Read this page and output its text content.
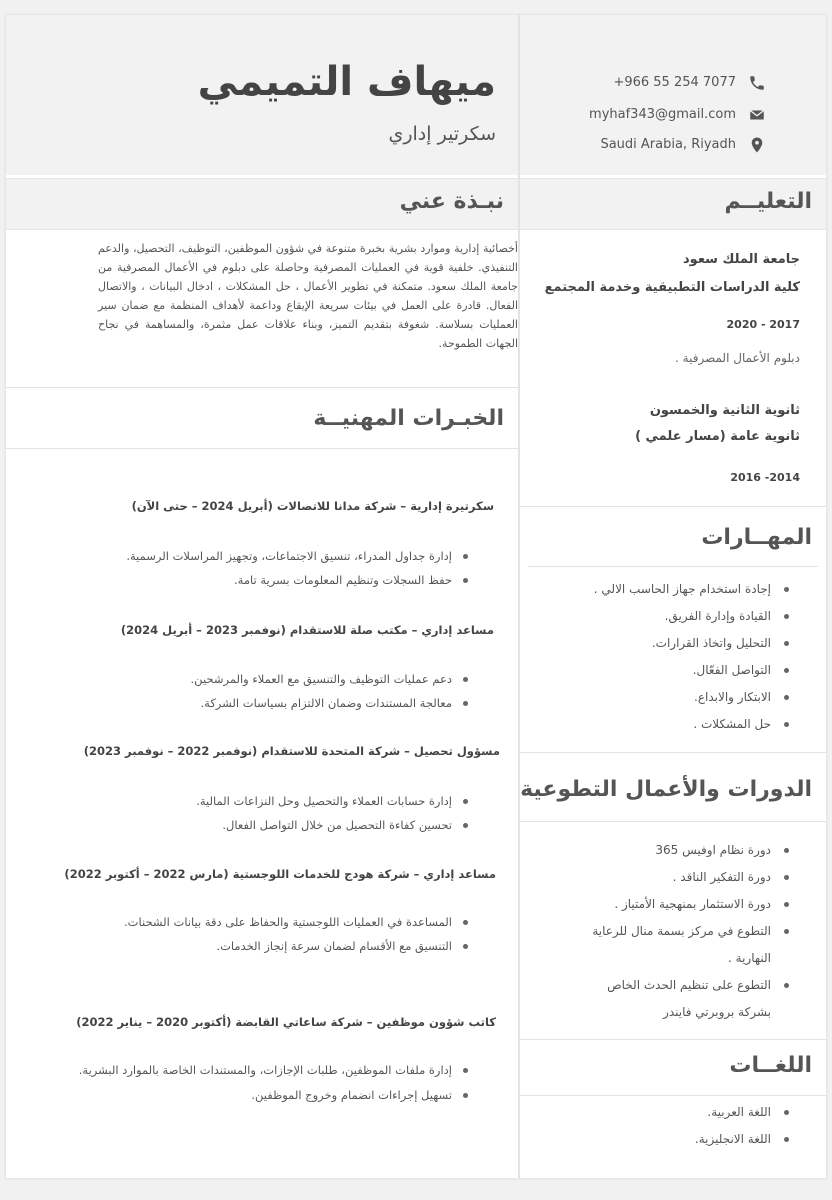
ميهاف التميمي
سكرتير إداري
+966 55 254 7077
myhaf343@gmail.com
Saudi Arabia, Riyadh
نبـذة عني
أخصائية إدارية وموارد بشرية بخبرة متنوعة في شؤون الموظفين، التوظيف، التحصيل، والدعم التنفيذي. خلفية قوية في العمليات المصرفية وحاصلة على دبلوم في الأعمال المصرفية من جامعة الملك سعود. متمكنة في تطوير الأعمال ، حل المشكلات ، ادخال البيانات ، والاتصال الفعال. قادرة على العمل في بيئات سريعة الإيقاع وداعمة لأهداف المنظمة مع ضمان سير العمليات بسلاسة. شغوفة بتقديم التميز، وبناء علاقات عمل مثمرة، والمساهمة في نجاح الجهات الطموحة.
التعليــم
جامعة الملك سعود
كلية الدراسات التطبيقية وخدمة المجتمع
2017 - 2020
دبلوم الأعمال المصرفية .
ثانوية الثانية والخمسون
ثانوية عامة (مسار علمي )
2014- 2016
الخبـرات المهنيــة
سكرتيرة إدارية – شركة مدانا للاتصالات (أبريل 2024 – حتى الآن)
إدارة جداول المدراء، تنسيق الاجتماعات، وتجهيز المراسلات الرسمية.
حفظ السجلات وتنظيم المعلومات بسرية تامة.
مساعد إداري – مكتب صلة للاستقدام (نوفمبر 2023 – أبريل 2024)
دعم عمليات التوظيف والتنسيق مع العملاء والمرشحين.
معالجة المستندات وضمان الالتزام بسياسات الشركة.
مسؤول تحصيل – شركة المتحدة للاستقدام (نوفمبر 2022 – نوفمبر 2023)
إدارة حسابات العملاء والتحصيل وحل النزاعات المالية.
تحسين كفاءة التحصيل من خلال التواصل الفعال.
مساعد إداري – شركة هودج للخدمات اللوجستية (مارس 2022 – أكتوبر 2022)
المساعدة في العمليات اللوجستية والحفاظ على دقة بيانات الشحنات.
التنسيق مع الأقسام لضمان سرعة إنجاز الخدمات.
كاتب شؤون موظفين – شركة ساعاتي القابضة (أكتوبر 2020 – يناير 2022)
إدارة ملفات الموظفين، طلبات الإجازات، والمستندات الخاصة بالموارد البشرية.
تسهيل إجراءات انضمام وخروج الموظفين.
المهــارات
إجادة استخدام جهاز الحاسب الالي .
القيادة وإدارة الفريق.
التحليل واتخاذ القرارات.
التواصل الفعّال.
الابتكار والابداع.
حل المشكلات .
الدورات والأعمال التطوعية
دورة نظام اوفيس 365
دورة التفكير الناقد .
دورة الاستثمار بمنهجية الأمتياز .
التطوع في مركز بسمة منال للرعاية
النهارية .
التطوع على تنظيم الحدث الخاص
بشركة بروبرتي فايندر
اللغــات
اللغة العربية.
اللغة الانجليزية.
